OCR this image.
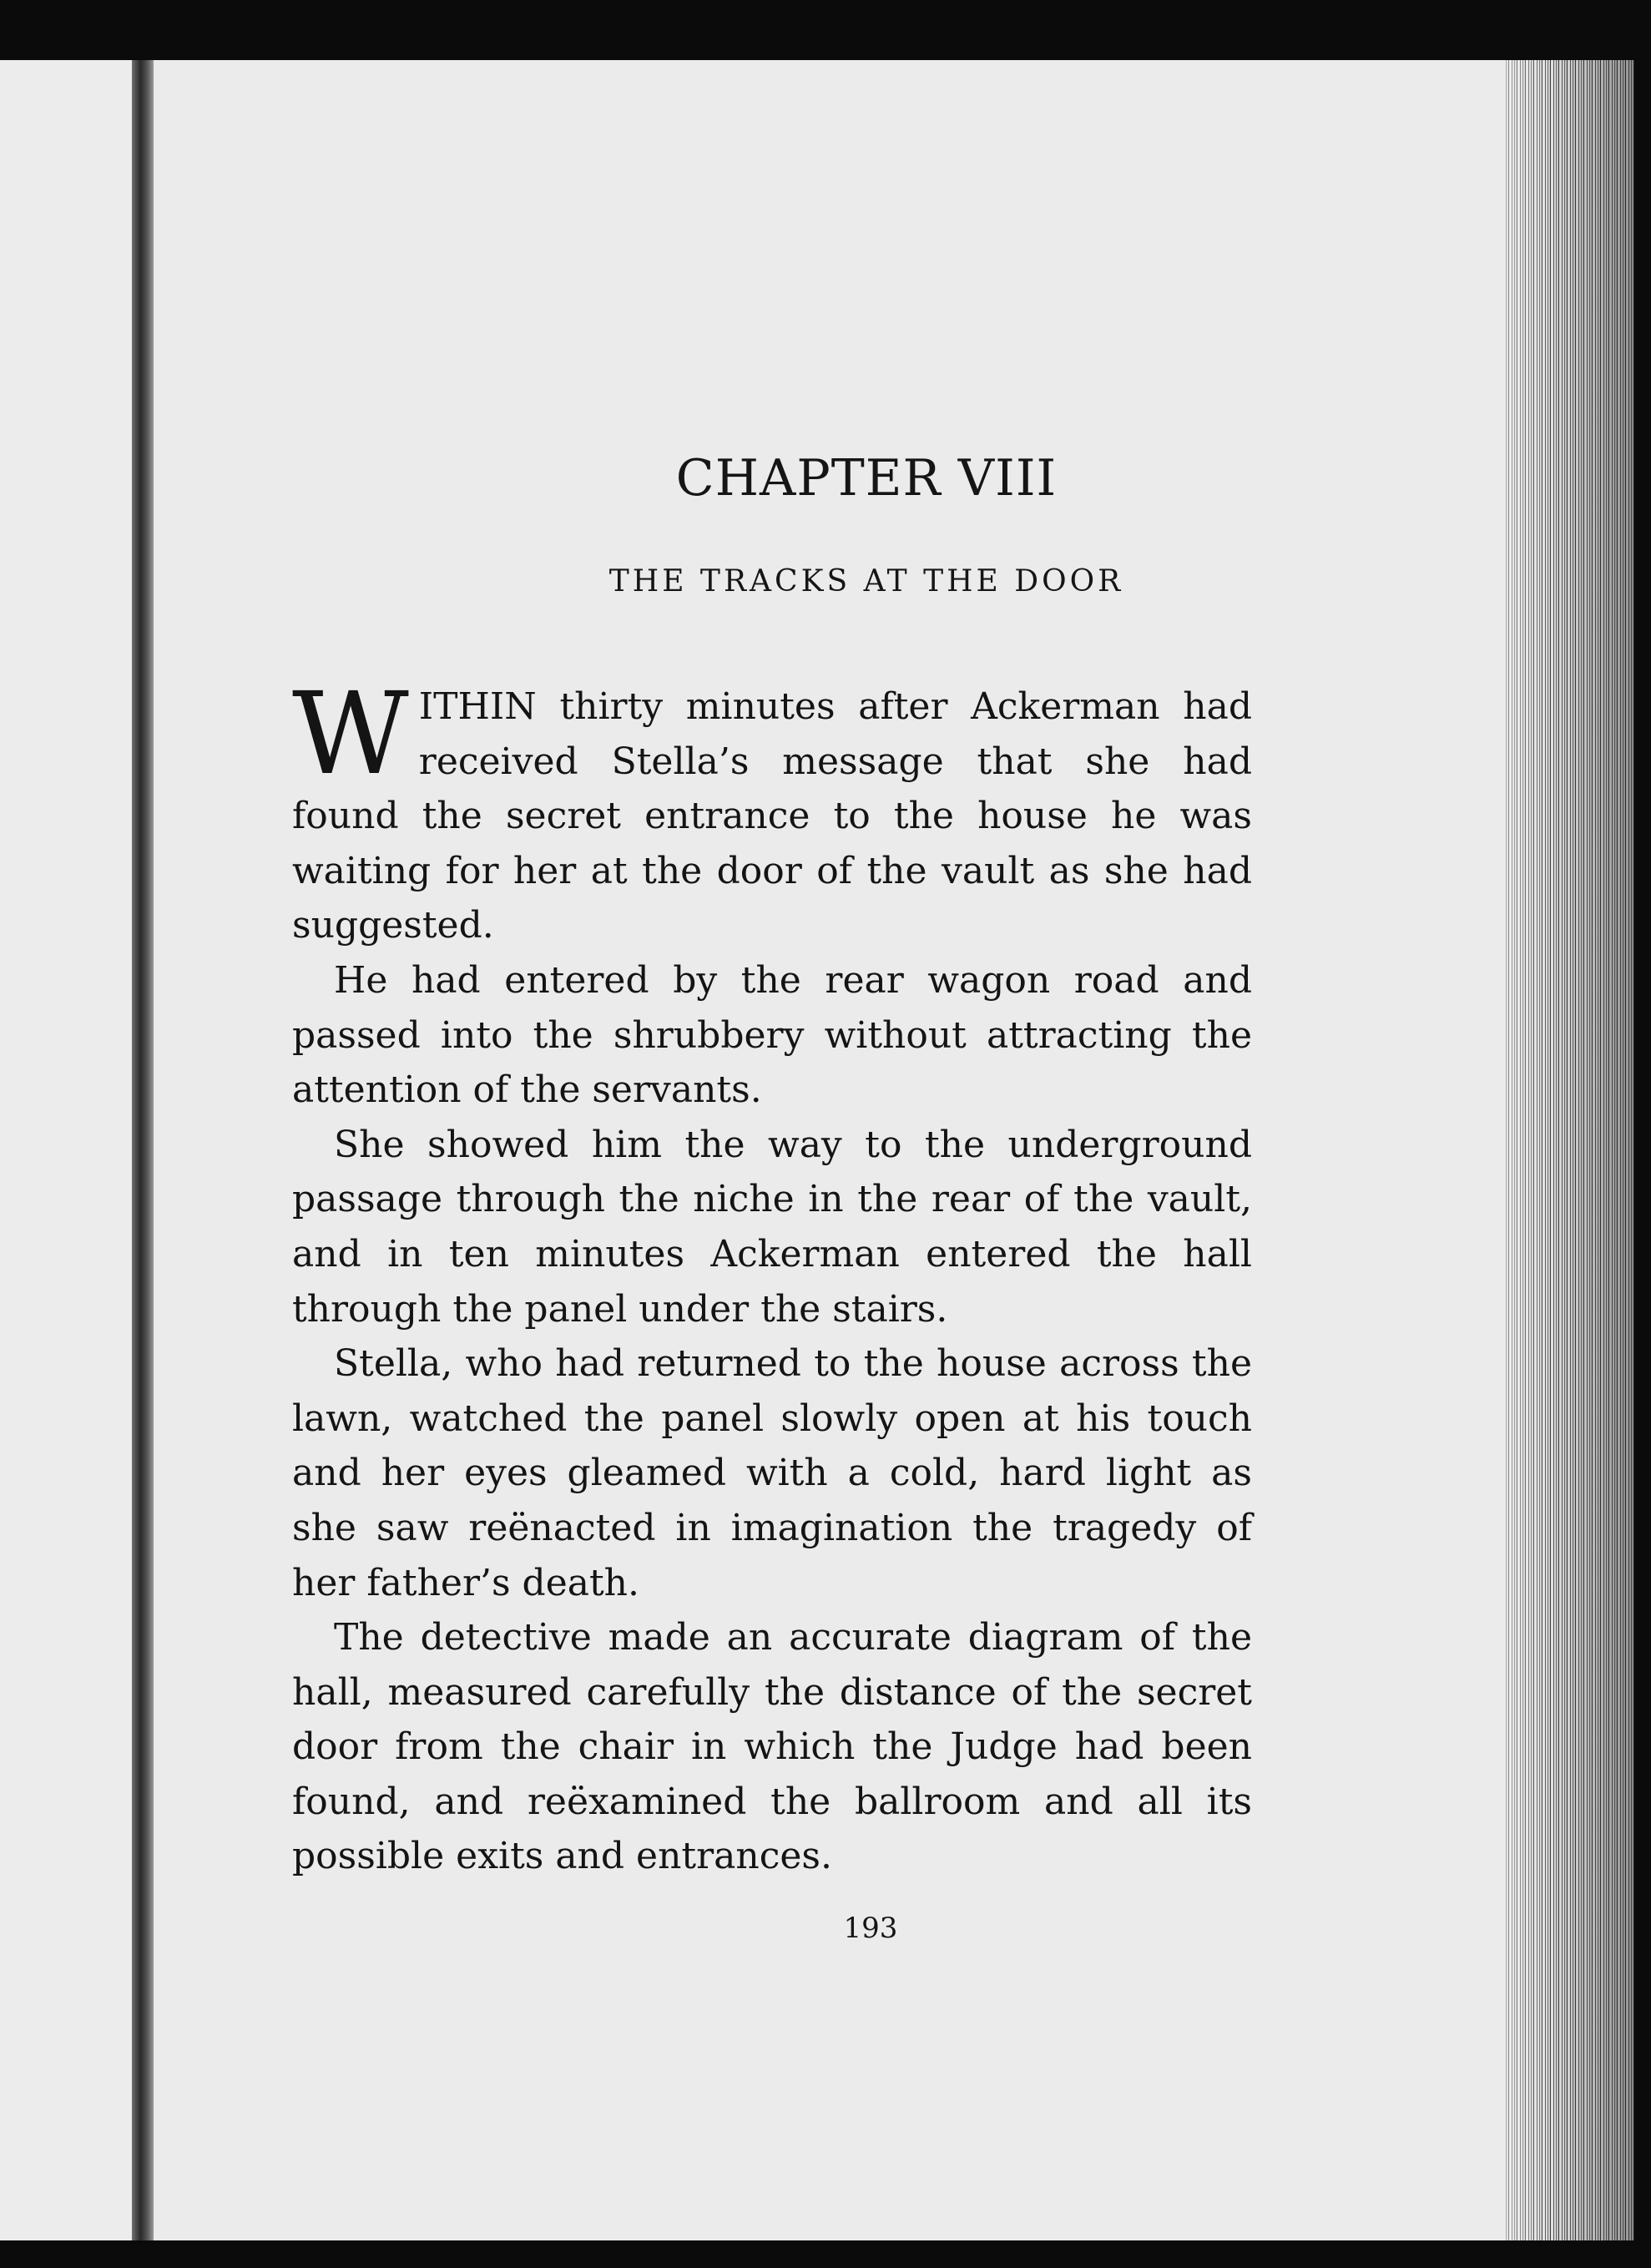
CHAPTER VIII
THE TRACKS AT THE DOOR

WITHIN thirty minutes after Ackerman had received Stella’s message that she had found the secret entrance to the house he was waiting for her at the door of the vault as she had suggested.

He had entered by the rear wagon road and passed into the shrubbery without attracting the attention of the servants.

She showed him the way to the underground passage through the niche in the rear of the vault, and in ten minutes Ackerman entered the hall through the panel under the stairs.

Stella, who had returned to the house across the lawn, watched the panel slowly open at his touch and her eyes gleamed with a cold, hard light as she saw reënacted in imagination the tragedy of her father’s death.

The detective made an accurate diagram of the hall, measured carefully the distance of the secret door from the chair in which the Judge had been found, and reëxamined the ballroom and all its possible exits and entrances.

193
